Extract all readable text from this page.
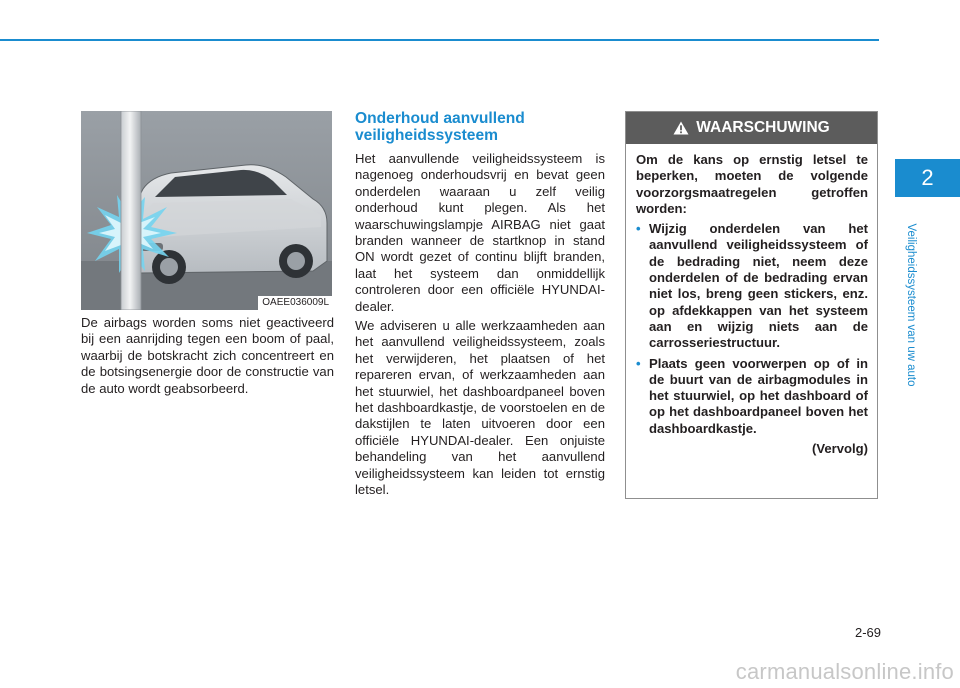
OAEE036009L

De airbags worden soms niet geactiveerd bij een aanrijding tegen een boom of paal, waarbij de botskracht zich concentreert en de botsingsenergie door de constructie van de auto wordt geabsorbeerd.

Onderhoud aanvullend veiligheidssysteem

Het aanvullende veiligheidssysteem is nagenoeg onderhoudsvrij en bevat geen onderdelen waaraan u zelf veilig onderhoud kunt plegen. Als het waarschuwingslampje AIRBAG niet gaat branden wanneer de startknop in stand ON wordt gezet of continu blijft branden, laat het systeem dan onmiddellijk controleren door een officiële HYUNDAI-dealer.

We adviseren u alle werkzaamheden aan het aanvullend veiligheidssysteem, zoals het verwijderen, het plaatsen of het repareren ervan, of werkzaamheden aan het stuurwiel, het dashboardpaneel boven het dashboardkastje, de voorstoelen en de dakstijlen te laten uitvoeren door een officiële HYUNDAI-dealer. Een onjuiste behandeling van het aanvullend veiligheidssysteem kan leiden tot ernstig letsel.

WAARSCHUWING

Om de kans op ernstig letsel te beperken, moeten de volgende voorzorgsmaatregelen getroffen worden:

• Wijzig onderdelen van het aanvullend veiligheidssysteem of de bedrading niet, neem deze onderdelen of de bedrading ervan niet los, breng geen stickers, enz. op afdekkappen van het systeem aan en wijzig niets aan de carrosseriestructuur.
• Plaats geen voorwerpen op of in de buurt van de airbagmodules in het stuurwiel, op het dashboard of op het dashboardpaneel boven het dashboardkastje.

(Vervolg)

2
Veiligheidssysteem van uw auto
2-69
carmanualsonline.info
